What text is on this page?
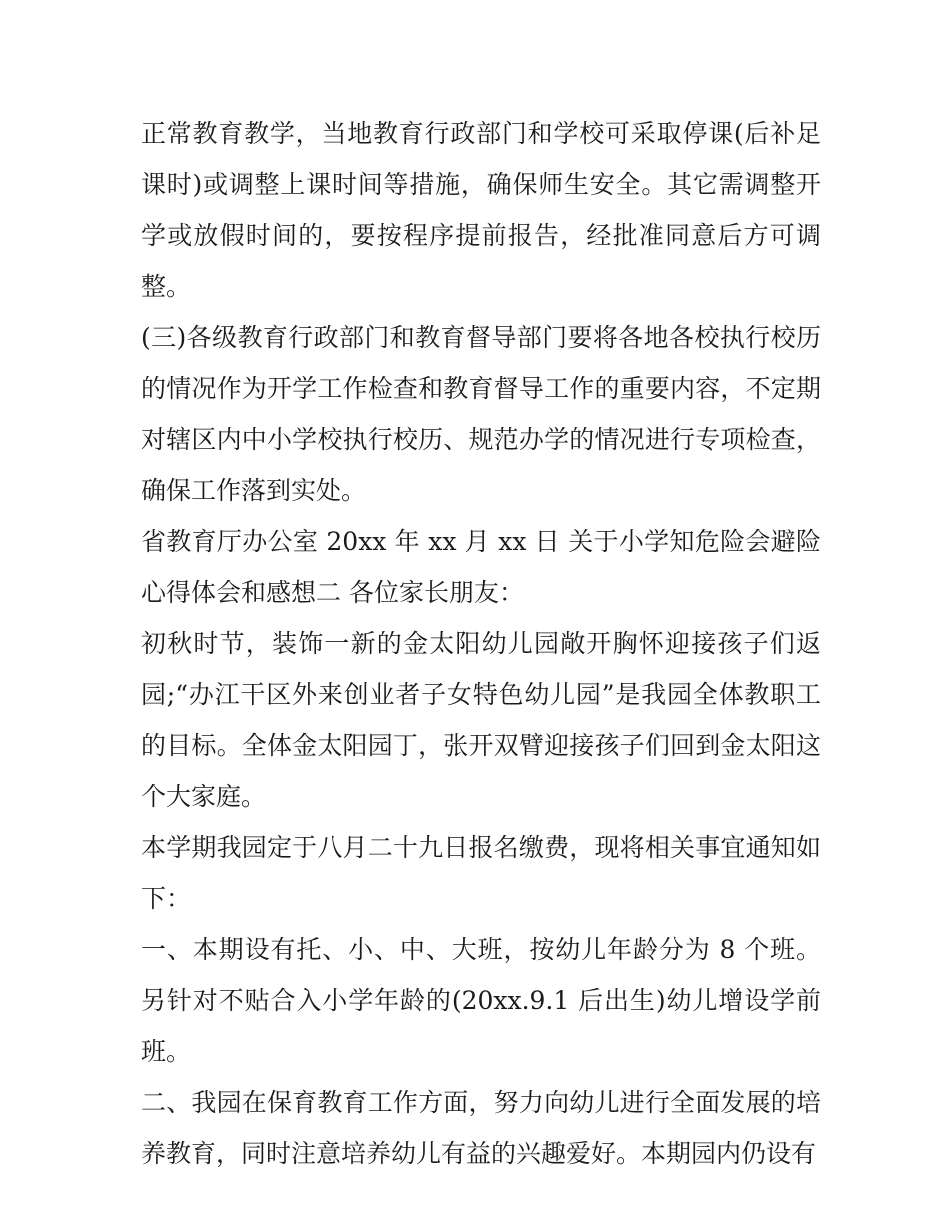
正常教育教学，当地教育行政部门和学校可采取停课(后补足课时)或调整上课时间等措施，确保师生安全。其它需调整开学或放假时间的，要按程序提前报告，经批准同意后方可调整。

(三)各级教育行政部门和教育督导部门要将各地各校执行校历的情况作为开学工作检查和教育督导工作的重要内容，不定期对辖区内中小学校执行校历、规范办学的情况进行专项检查，确保工作落到实处。

省教育厅办公室 20xx 年 xx 月 xx 日 关于小学知危险会避险心得体会和感想二 各位家长朋友：

初秋时节，装饰一新的金太阳幼儿园敞开胸怀迎接孩子们返园;“办江干区外来创业者子女特色幼儿园”是我园全体教职工的目标。全体金太阳园丁，张开双臂迎接孩子们回到金太阳这个大家庭。

本学期我园定于八月二十九日报名缴费，现将相关事宜通知如下：

一、本期设有托、小、中、大班，按幼儿年龄分为 8 个班。另针对不贴合入小学年龄的(20xx.9.1 后出生)幼儿增设学前班。

二、我园在保育教育工作方面，努力向幼儿进行全面发展的培养教育，同时注意培养幼儿有益的兴趣爱好。本期园内仍设有
